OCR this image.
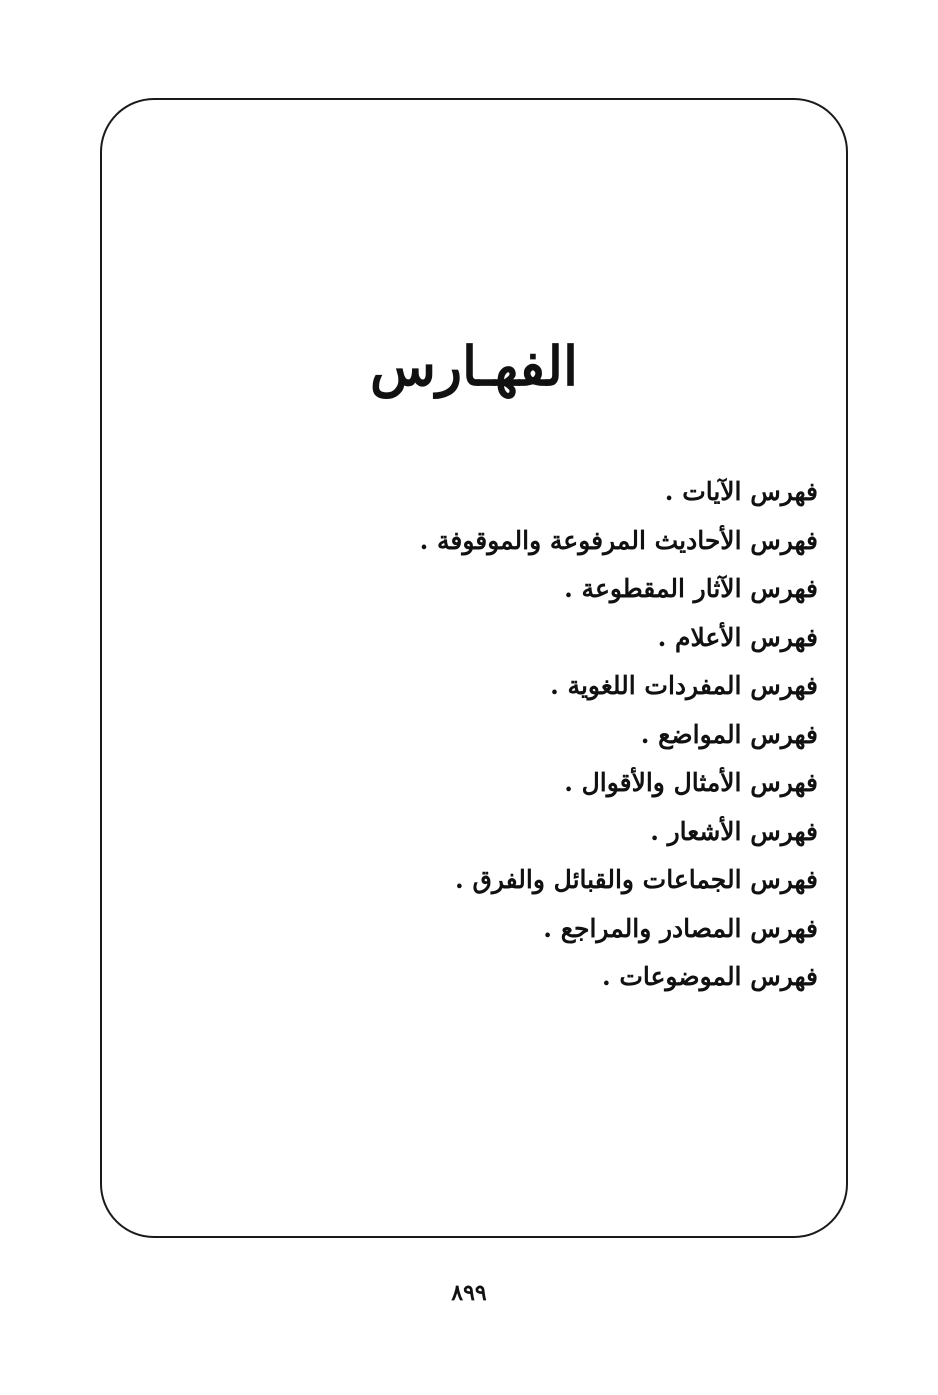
الفهـارس
فهرس الآيات .
فهرس الأحاديث المرفوعة والموقوفة .
فهرس الآثار المقطوعة .
فهرس الأعلام .
فهرس المفردات اللغوية .
فهرس المواضع .
فهرس الأمثال والأقوال .
فهرس الأشعار .
فهرس الجماعات والقبائل والفرق .
فهرس المصادر والمراجع .
فهرس الموضوعات .
٨٩٩
